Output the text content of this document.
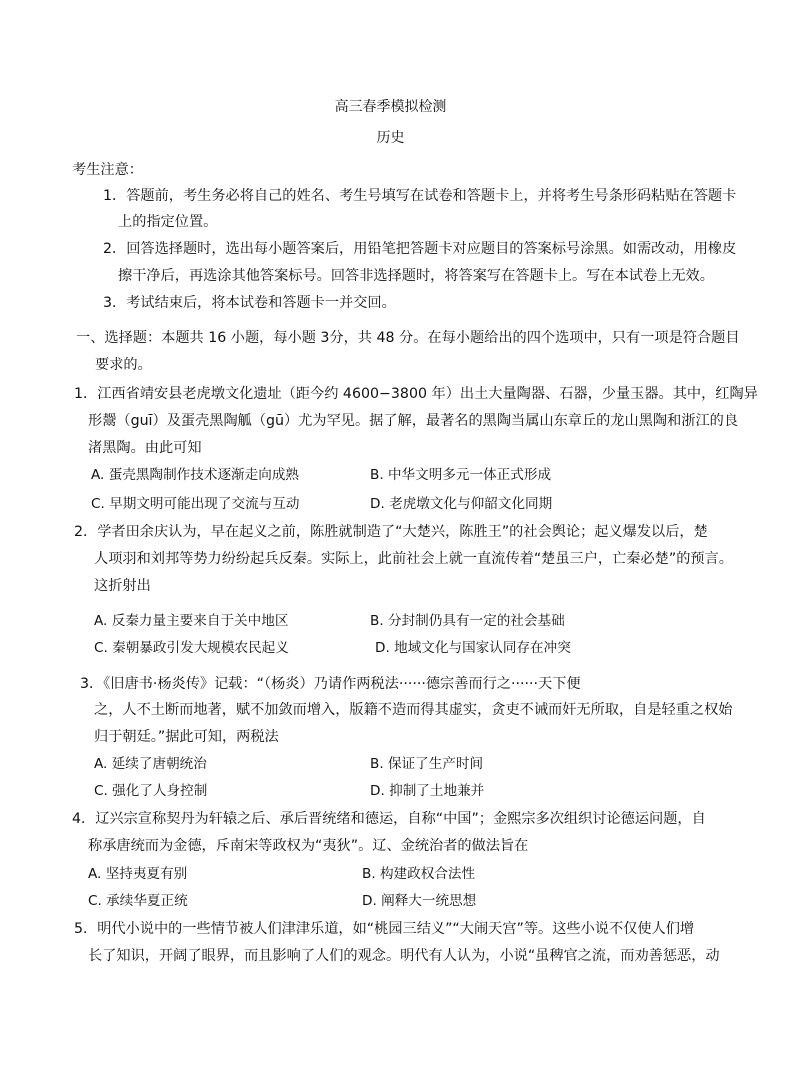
高三春季模拟检测
历史
考生注意：
1．答题前，考生务必将自己的姓名、考生号填写在试卷和答题卡上，并将考生号条形码粘贴在答题卡
上的指定位置。
2．回答选择题时，选出每小题答案后，用铅笔把答题卡对应题目的答案标号涂黑。如需改动，用橡皮
擦干净后，再选涂其他答案标号。回答非选择题时，将答案写在答题卡上。写在本试卷上无效。
3．考试结束后，将本试卷和答题卡一并交回。
一、选择题：本题共 16 小题，每小题 3分，共 48 分。在每小题给出的四个选项中，只有一项是符合题目
要求的。
1．江西省靖安县老虎墩文化遗址（距今约 4600−3800 年）出土大量陶器、石器，少量玉器。其中，红陶异
形鬶（guī）及蛋壳黑陶觚（gū）尤为罕见。据了解，最著名的黑陶当属山东章丘的龙山黑陶和浙江的良
渚黑陶。由此可知
A. 蛋壳黑陶制作技术逐渐走向成熟	B. 中华文明多元一体正式形成
C. 早期文明可能出现了交流与互动	D. 老虎墩文化与仰韶文化同期
2．学者田余庆认为，早在起义之前，陈胜就制造了“大楚兴，陈胜王”的社会舆论；起义爆发以后，楚
人项羽和刘邦等势力纷纷起兵反秦。实际上，此前社会上就一直流传着“楚虽三户，亡秦必楚”的预言。
这折射出
A. 反秦力量主要来自于关中地区	B. 分封制仍具有一定的社会基础
C. 秦朝暴政引发大规模农民起义	D. 地域文化与国家认同存在冲突
3．《旧唐书·杨炎传》记载：“（杨炎）乃请作两税法······德宗善而行之······天下便
之，人不土断而地著，赋不加敛而增入，版籍不造而得其虚实，贪吏不诫而奸无所取，自是轻重之权始
归于朝廷。”据此可知，两税法
A. 延续了唐朝统治	B. 保证了生产时间
C. 强化了人身控制	D. 抑制了土地兼并
4．辽兴宗宣称契丹为轩辕之后、承后晋统绪和德运，自称“中国”；金熙宗多次组织讨论德运问题，自
称承唐统而为金德，斥南宋等政权为“夷狄”。辽、金统治者的做法旨在
A. 坚持夷夏有别	B. 构建政权合法性
C. 承续华夏正统	D. 阐释大一统思想
5．明代小说中的一些情节被人们津津乐道，如“桃园三结义”“大闹天宫”等。这些小说不仅使人们增
长了知识，开阔了眼界，而且影响了人们的观念。明代有人认为，小说“虽稗官之流，而劝善惩恶，动
